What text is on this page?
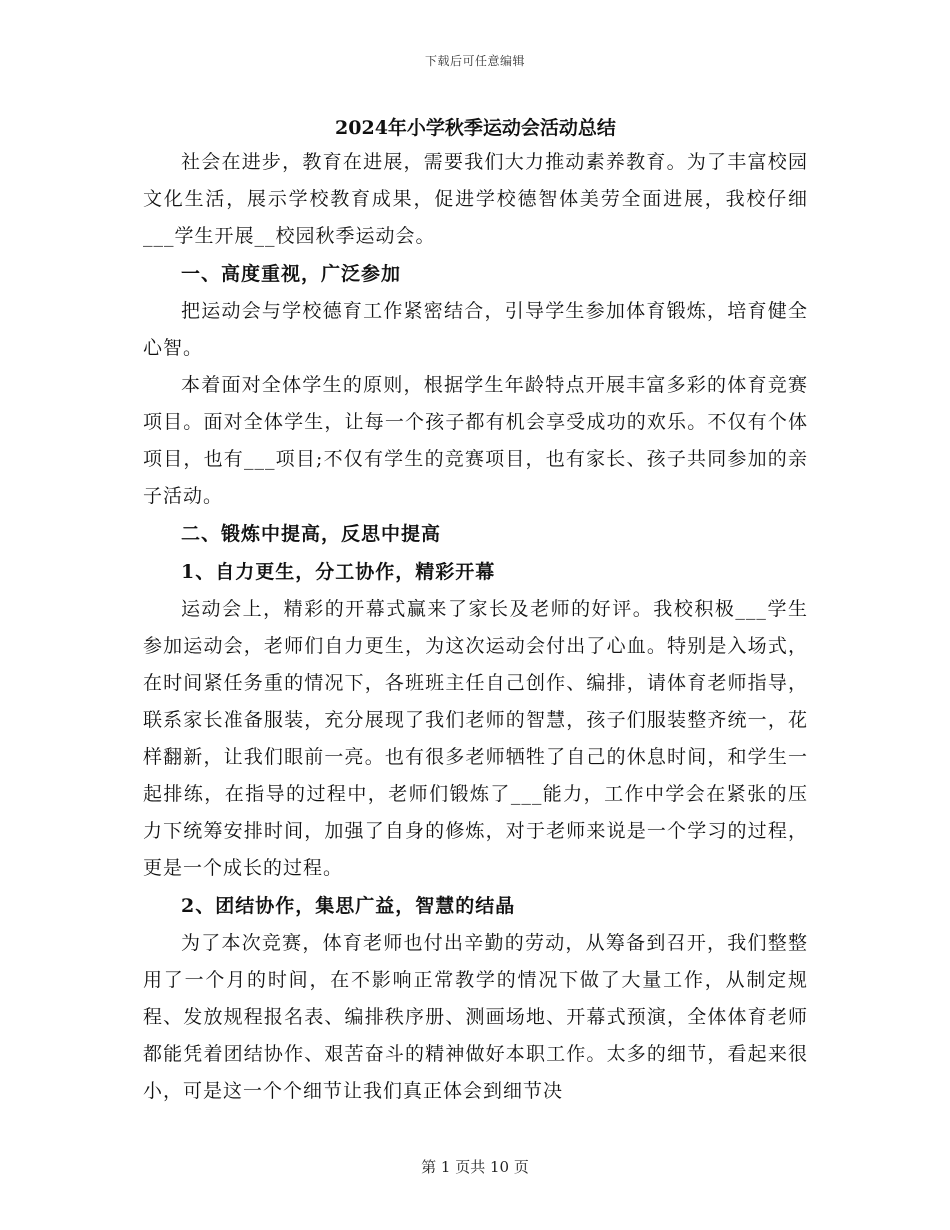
下载后可任意编辑
2024年小学秋季运动会活动总结

社会在进步，教育在进展，需要我们大力推动素养教育。为了丰富校园文化生活，展示学校教育成果，促进学校德智体美劳全面进展，我校仔细___学生开展__校园秋季运动会。

一、高度重视，广泛参加

把运动会与学校德育工作紧密结合，引导学生参加体育锻炼，培育健全心智。

本着面对全体学生的原则，根据学生年龄特点开展丰富多彩的体育竞赛项目。面对全体学生，让每一个孩子都有机会享受成功的欢乐。不仅有个体项目，也有___项目;不仅有学生的竞赛项目，也有家长、孩子共同参加的亲子活动。

二、锻炼中提高，反思中提高

1、自力更生，分工协作，精彩开幕

运动会上，精彩的开幕式赢来了家长及老师的好评。我校积极___学生参加运动会，老师们自力更生，为这次运动会付出了心血。特别是入场式，在时间紧任务重的情况下，各班班主任自己创作、编排，请体育老师指导，联系家长准备服装，充分展现了我们老师的智慧，孩子们服装整齐统一，花样翻新，让我们眼前一亮。也有很多老师牺牲了自己的休息时间，和学生一起排练，在指导的过程中，老师们锻炼了___能力，工作中学会在紧张的压力下统筹安排时间，加强了自身的修炼，对于老师来说是一个学习的过程，更是一个成长的过程。

2、团结协作，集思广益，智慧的结晶

为了本次竞赛，体育老师也付出辛勤的劳动，从筹备到召开，我们整整用了一个月的时间，在不影响正常教学的情况下做了大量工作，从制定规程、发放规程报名表、编排秩序册、测画场地、开幕式预演，全体体育老师都能凭着团结协作、艰苦奋斗的精神做好本职工作。太多的细节，看起来很小，可是这一个个细节让我们真正体会到细节决

第 1 页共 10 页
